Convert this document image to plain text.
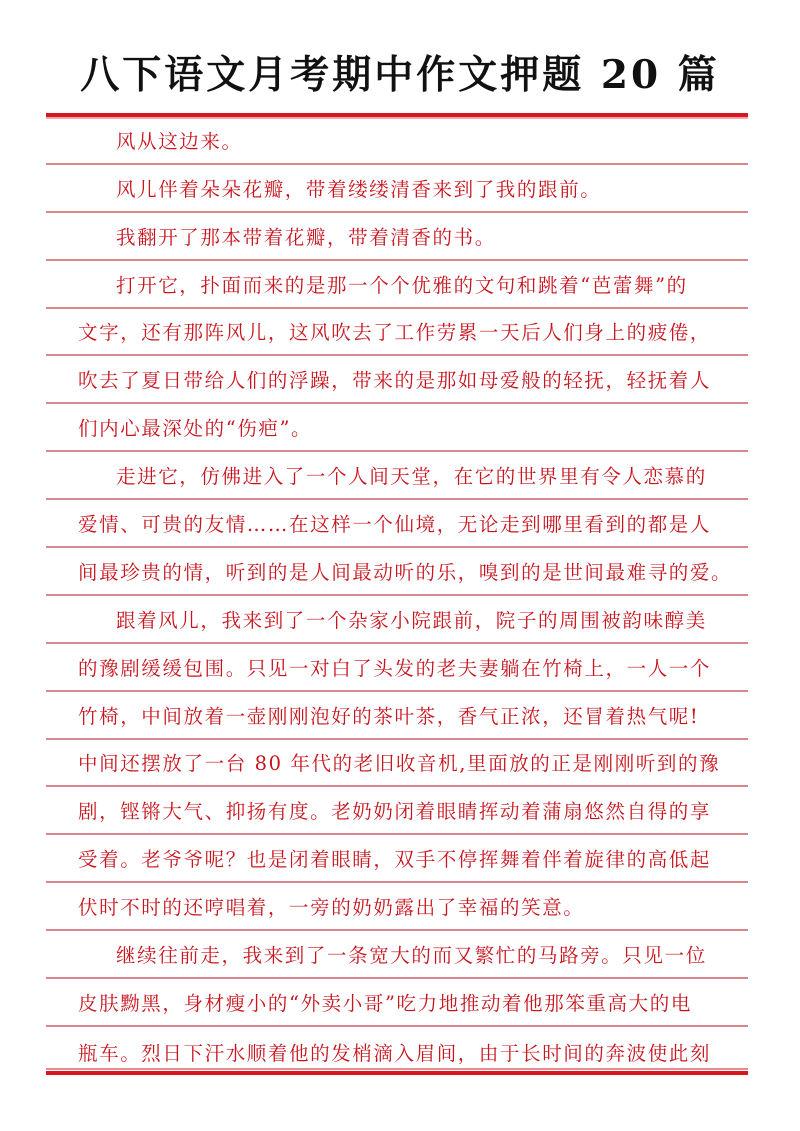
八下语文月考期中作文押题 20 篇
风从这边来。
风儿伴着朵朵花瓣，带着缕缕清香来到了我的跟前。
我翻开了那本带着花瓣，带着清香的书。
打开它，扑面而来的是那一个个优雅的文句和跳着“芭蕾舞”的
文字，还有那阵风儿，这风吹去了工作劳累一天后人们身上的疲倦，
吹去了夏日带给人们的浮躁，带来的是那如母爱般的轻抚，轻抚着人
们内心最深处的“伤疤”。
走进它，仿佛进入了一个人间天堂，在它的世界里有令人恋慕的
爱情、可贵的友情……在这样一个仙境，无论走到哪里看到的都是人
间最珍贵的情，听到的是人间最动听的乐，嗅到的是世间最难寻的爱。
跟着风儿，我来到了一个杂家小院跟前，院子的周围被韵味醇美
的豫剧缓缓包围。只见一对白了头发的老夫妻躺在竹椅上，一人一个
竹椅，中间放着一壶刚刚泡好的茶叶茶，香气正浓，还冒着热气呢!
中间还摆放了一台 80 年代的老旧收音机,里面放的正是刚刚听到的豫
剧，铿锵大气、抑扬有度。老奶奶闭着眼睛挥动着蒲扇悠然自得的享
受着。老爷爷呢？也是闭着眼睛，双手不停挥舞着伴着旋律的高低起
伏时不时的还哼唱着，一旁的奶奶露出了幸福的笑意。
继续往前走，我来到了一条宽大的而又繁忙的马路旁。只见一位
皮肤黝黑，身材瘦小的“外卖小哥”吃力地推动着他那笨重高大的电
瓶车。烈日下汗水顺着他的发梢滴入眉间，由于长时间的奔波使此刻
